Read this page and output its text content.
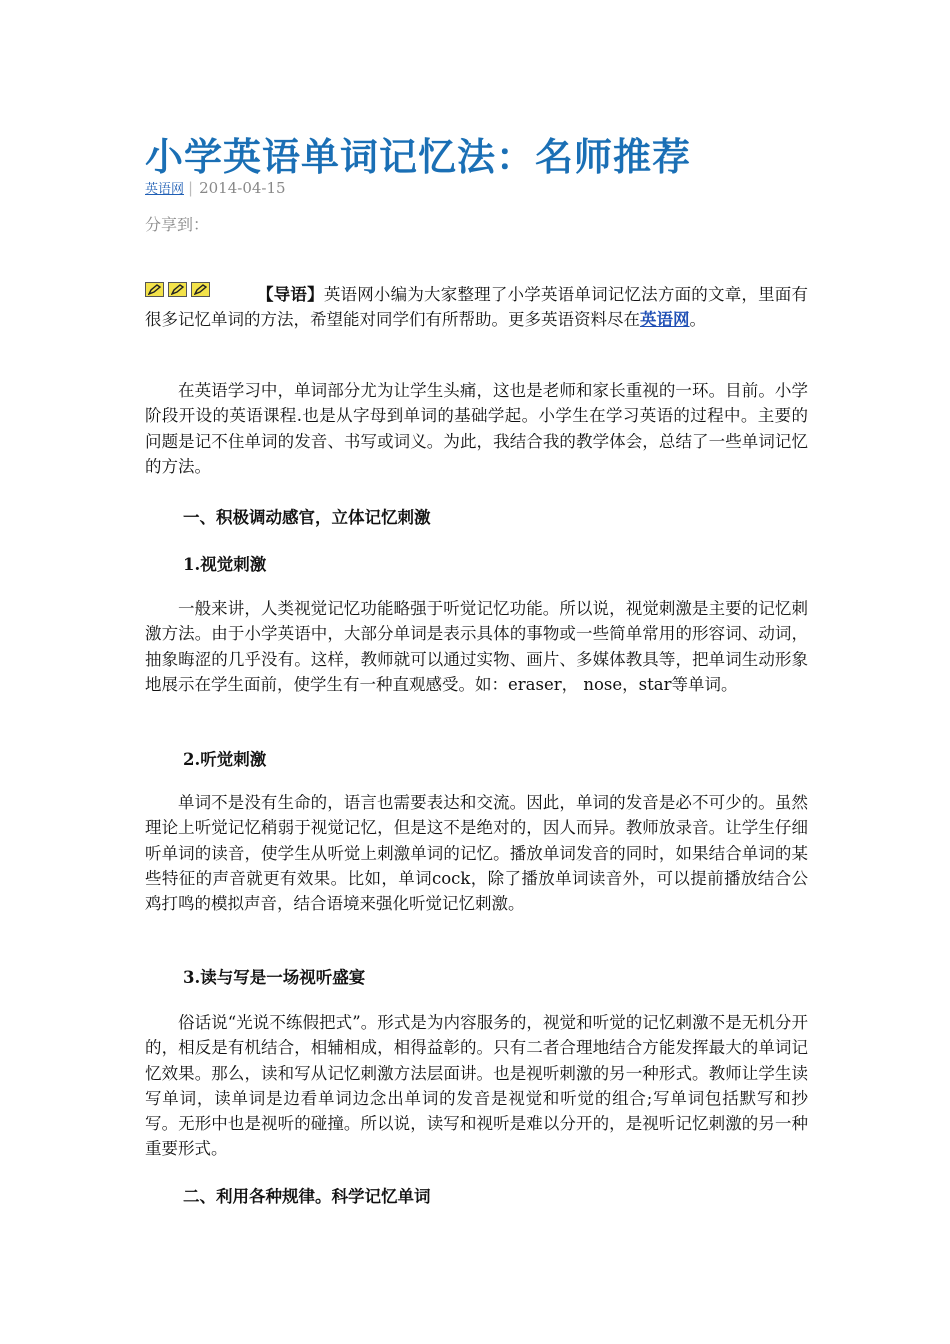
小学英语单词记忆法：名师推荐
英语网 | 2014-04-15
分享到：

【导语】英语网小编为大家整理了小学英语单词记忆法方面的文章，里面有很多记忆单词的方法，希望能对同学们有所帮助。更多英语资料尽在英语网。

在英语学习中，单词部分尤为让学生头痛，这也是老师和家长重视的一环。目前。小学阶段开设的英语课程.也是从字母到单词的基础学起。小学生在学习英语的过程中。主要的问题是记不住单词的发音、书写或词义。为此，我结合我的教学体会，总结了一些单词记忆的方法。

一、积极调动感官，立体记忆刺激
1.视觉刺激

一般来讲，人类视觉记忆功能略强于听觉记忆功能。所以说，视觉刺激是主要的记忆刺激方法。由于小学英语中，大部分单词是表示具体的事物或一些简单常用的形容词、动词，抽象晦涩的几乎没有。这样，教师就可以通过实物、画片、多媒体教具等，把单词生动形象地展示在学生面前，使学生有一种直观感受。如：eraser， nose，star等单词。

2.听觉刺激

单词不是没有生命的，语言也需要表达和交流。因此，单词的发音是必不可少的。虽然理论上听觉记忆稍弱于视觉记忆，但是这不是绝对的，因人而异。教师放录音。让学生仔细听单词的读音，使学生从听觉上刺激单词的记忆。播放单词发音的同时，如果结合单词的某些特征的声音就更有效果。比如，单词cock，除了播放单词读音外，可以提前播放结合公鸡打鸣的模拟声音，结合语境来强化听觉记忆刺激。

3.读与写是一场视听盛宴

俗话说“光说不练假把式”。形式是为内容服务的，视觉和听觉的记忆刺激不是无机分开的，相反是有机结合，相辅相成，相得益彰的。只有二者合理地结合方能发挥最大的单词记忆效果。那么，读和写从记忆刺激方法层面讲。也是视听刺激的另一种形式。教师让学生读写单词，读单词是边看单词边念出单词的发音是视觉和听觉的组合;写单词包括默写和抄写。无形中也是视听的碰撞。所以说，读写和视听是难以分开的，是视听记忆刺激的另一种重要形式。

二、利用各种规律。科学记忆单词
